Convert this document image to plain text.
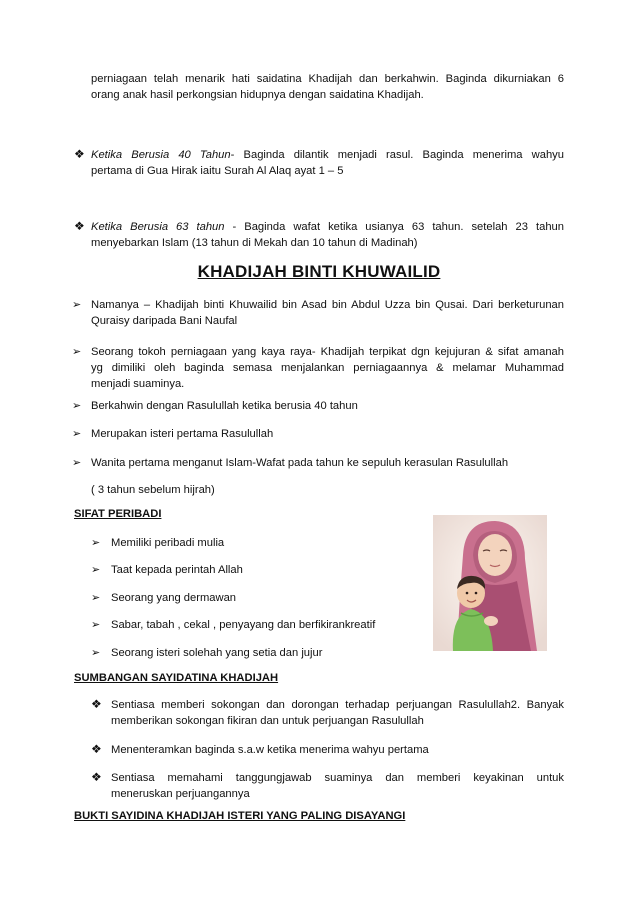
perniagaan telah menarik hati saidatina Khadijah dan berkahwin. Baginda dikurniakan 6
orang anak hasil perkongsian hidupnya dengan saidatina Khadijah.
❖ Ketika Berusia 40 Tahun- Baginda dilantik menjadi rasul. Baginda menerima wahyu
pertama di Gua Hirak iaitu Surah Al Alaq ayat 1 – 5
❖ Ketika Berusia 63 tahun - Baginda wafat ketika usianya 63 tahun. setelah 23 tahun
menyebarkan Islam (13 tahun di Mekah dan 10 tahun di Madinah)
KHADIJAH BINTI KHUWAILID
➢ Namanya – Khadijah binti Khuwailid bin Asad bin Abdul Uzza bin Qusai. Dari berketurunan
Quraisy daripada Bani Naufal
➢ Seorang tokoh perniagaan yang kaya raya- Khadijah terpikat dgn kejujuran & sifat amanah
yg dimiliki oleh baginda semasa menjalankan perniagaannya & melamar Muhammad
menjadi suaminya.
➢ Berkahwin dengan Rasulullah ketika berusia 40 tahun
➢ Merupakan isteri pertama Rasulullah
➢ Wanita pertama menganut Islam-Wafat pada tahun ke sepuluh kerasulan Rasulullah
( 3 tahun sebelum hijrah)
SIFAT PERIBADI
➢ Memiliki peribadi mulia
➢ Taat kepada perintah Allah
➢ Seorang yang dermawan
➢ Sabar, tabah , cekal , penyayang dan berfikirankreatif
➢ Seorang isteri solehah yang setia dan jujur
SUMBANGAN SAYIDATINA KHADIJAH
❖ Sentiasa memberi sokongan dan dorongan terhadap perjuangan Rasulullah2. Banyak
memberikan sokongan fikiran dan untuk perjuangan Rasulullah
❖ Menenteramkan baginda s.a.w ketika menerima wahyu pertama
❖ Sentiasa memahami tanggungjawab suaminya dan memberi keyakinan untuk
meneruskan perjuangannya
BUKTI SAYIDINA KHADIJAH ISTERI YANG PALING DISAYANGI
